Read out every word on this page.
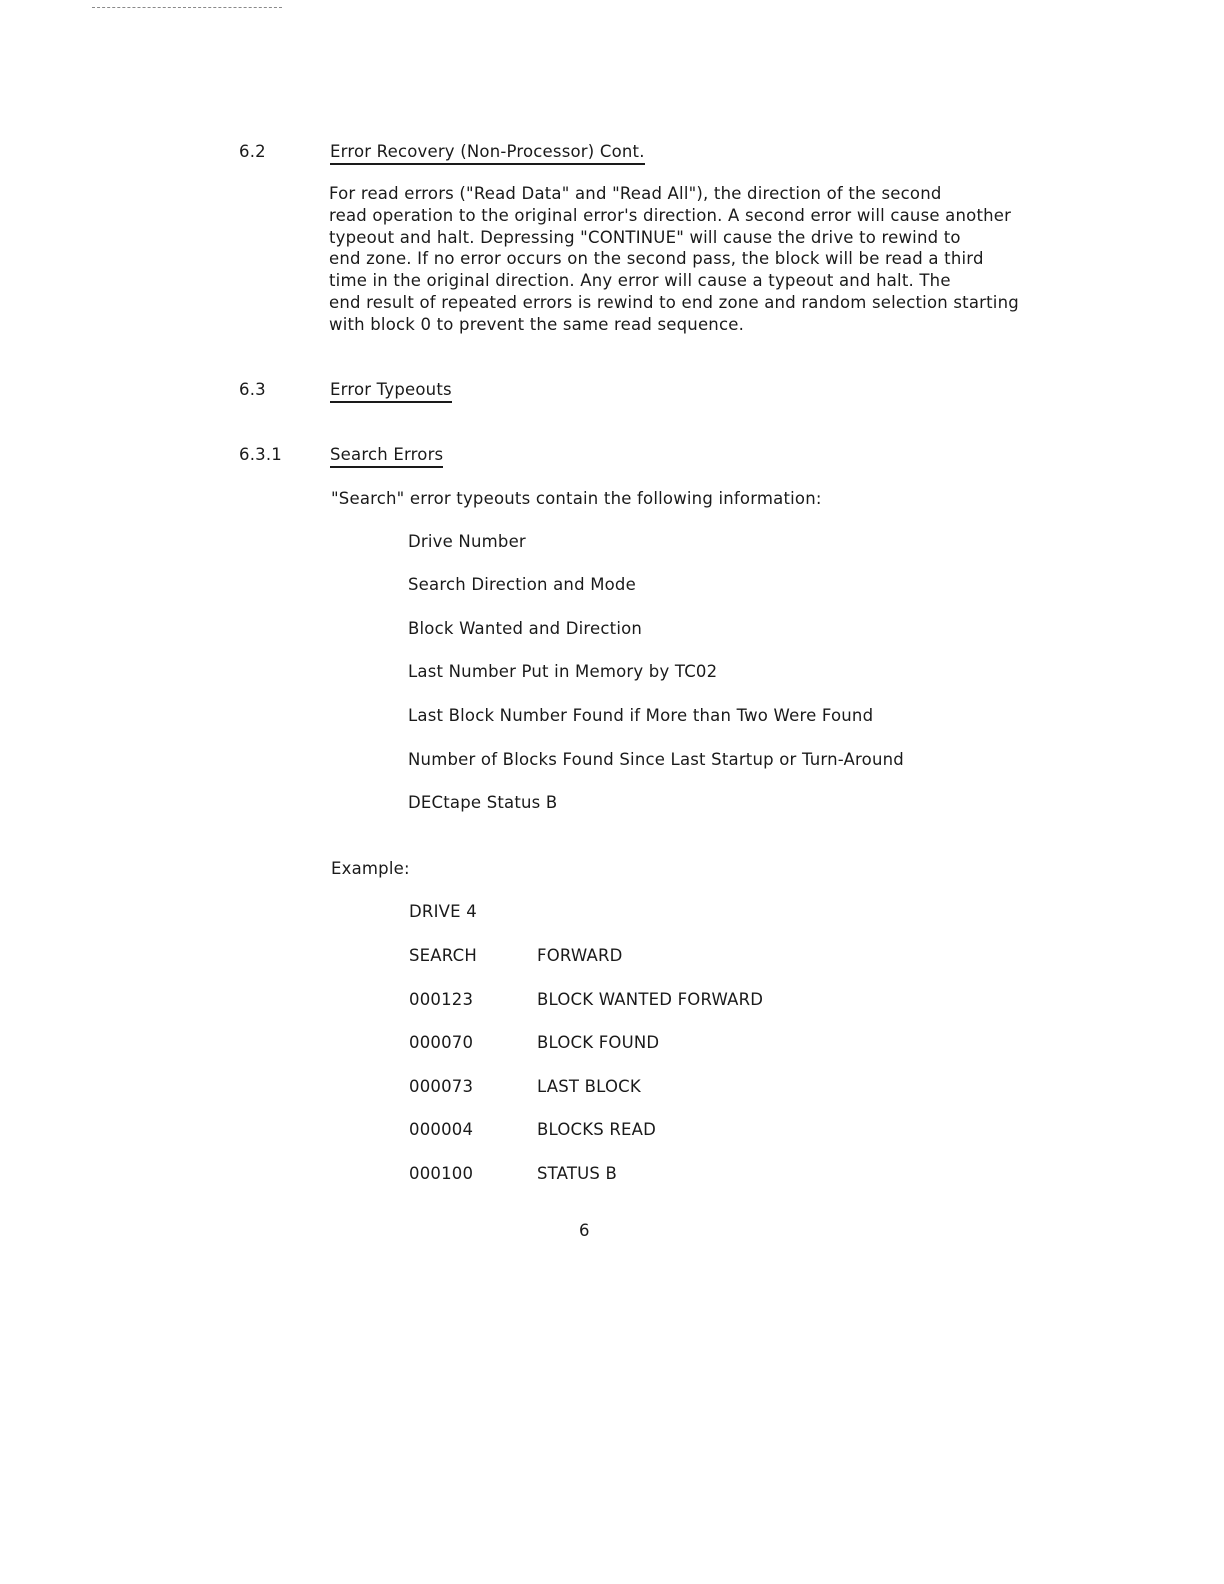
6.2	Error Recovery (Non-Processor) Cont.
For read errors ("Read Data" and "Read All"), the direction of the second
read operation to the original error's direction. A second error will cause another
typeout and halt. Depressing "CONTINUE" will cause the drive to rewind to
end zone. If no error occurs on the second pass, the block will be read a third
time in the original direction. Any error will cause a typeout and halt. The
end result of repeated errors is rewind to end zone and random selection starting
with block 0 to prevent the same read sequence.
6.3	Error Typeouts
6.3.1	Search Errors
"Search" error typeouts contain the following information:
Drive Number
Search Direction and Mode
Block Wanted and Direction
Last Number Put in Memory by TC02
Last Block Number Found if More than Two Were Found
Number of Blocks Found Since Last Startup or Turn-Around
DECtape Status B
Example:
DRIVE 4
SEARCH	FORWARD
000123	BLOCK WANTED FORWARD
000070	BLOCK FOUND
000073	LAST BLOCK
000004	BLOCKS READ
000100	STATUS B
6
